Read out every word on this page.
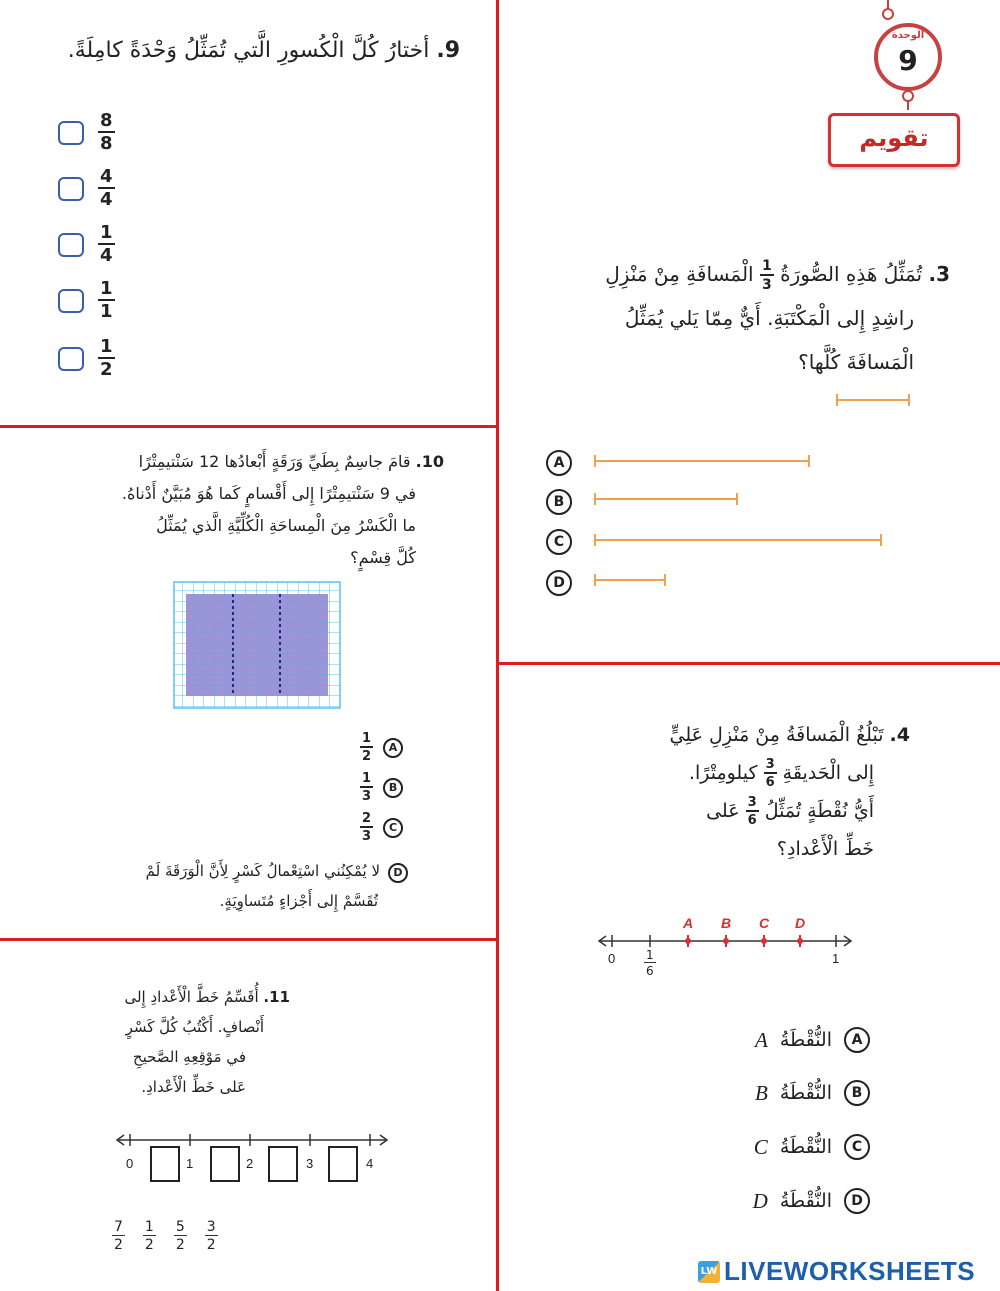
الوحدة
9
تقويم
9. أختارُ كُلَّ الْكُسورِ الَّتي تُمَثِّلُ وَحْدَةً كامِلَةً.
$\frac{8}{8}$
$\frac{4}{4}$
$\frac{1}{4}$
$\frac{1}{1}$
$\frac{1}{2}$
3. تُمَثِّلُ هَذِهِ الصُّورَةُ
$\frac{1}{3}$
الْمَسافَةِ مِنْ مَنْزِلِ
راشِدٍ إِلى الْمَكْتَبَةِ. أَيٌّ مِمّا يَلي يُمَثِّلُ
الْمَسافَةَ كُلَّها؟
A
B
C
D
10. قامَ جاسِمٌ بِطَيِّ وَرَقَةٍ أَبْعادُها 12 سَنْتيمِتْرًا
في 9 سَنْتيمِتْرًا إِلى أَقْسامٍ كَما هُوَ مُبَيَّنٌ أَدْناهُ.
ما الْكَسْرُ مِنَ الْمِساحَةِ الْكُلِّيَّةِ الَّذي يُمَثِّلُ
كُلَّ قِسْمٍ؟
$\frac{1}{2}$	A
$\frac{1}{3}$	B
$\frac{2}{3}$	C
Dلا يُمْكِنُني اسْتِعْمالُ كَسْرٍ لِأَنَّ الْوَرَقَةَ لَمْ
تُقَسَّمْ إِلى أَجْزاءٍ مُتَساوِيَةٍ.
4. تَبْلُغُ الْمَسافَةُ مِنْ مَنْزِلِ عَلِيٍّ
إِلى الْحَديقَةِ
$\frac{3}{6}$
كيلومِتْرًا.
أَيُّ نُقْطَةٍ تُمَثِّلُ
$\frac{3}{6}$
عَلى
خَطِّ الْأَعْدادِ؟
A B C D
$0 \frac{1}{6}$	1
A
النُّقْطَةُ
A
B
النُّقْطَةُ
B
C
النُّقْطَةُ
C
D
النُّقْطَةُ
D
11. أُقَسِّمُ خَطَّ الْأَعْدادِ إِلى
أَنْصافٍ. أَكْتُبُ كُلَّ كَسْرٍ
في مَوْقِعِهِ الصَّحيحِ
عَلى خَطِّ الْأَعْدادِ.
0	1	2	3	4
$\frac{7}{2} \frac{1}{2} \frac{5}{2} \frac{3}{2}$
LW LIVEWORKSHEETS
